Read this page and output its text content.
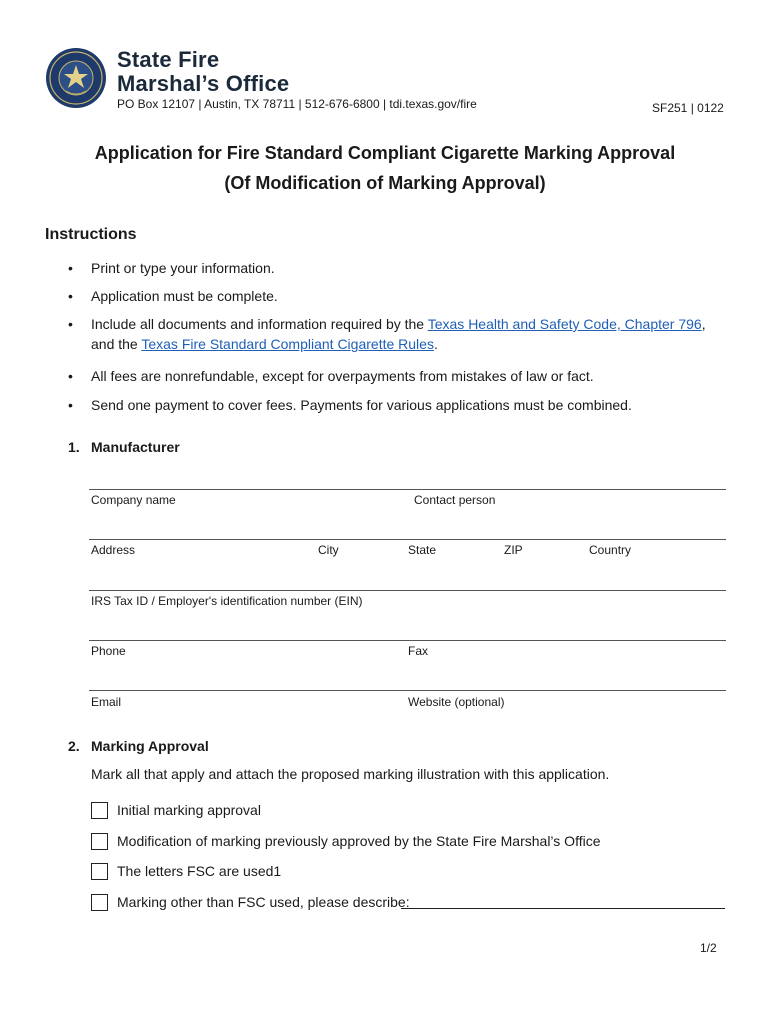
State Fire
Marshal’s Office
PO Box 12107 | Austin, TX 78711 | 512-676-6800 | tdi.texas.gov/fire	SF251 | 0122
Application for Fire Standard Compliant Cigarette Marking Approval
(Of Modification of Marking Approval)
Instructions
• Print or type your information.
• Application must be complete.
• Include all documents and information required by the Texas Health and Safety Code, Chapter 796, and the Texas Fire Standard Compliant Cigarette Rules.
• All fees are nonrefundable, except for overpayments from mistakes of law or fact.
• Send one payment to cover fees. Payments for various applications must be combined.
1. Manufacturer
Company name	Contact person
Address	City	State	ZIP	Country
IRS Tax ID / Employer's identification number (EIN)
Phone	Fax
Email	Website (optional)
2. Marking Approval
Mark all that apply and attach the proposed marking illustration with this application.
Initial marking approval
Modification of marking previously approved by the State Fire Marshal’s Office
The letters FSC are used1
Marking other than FSC used, please describe:
1/2
